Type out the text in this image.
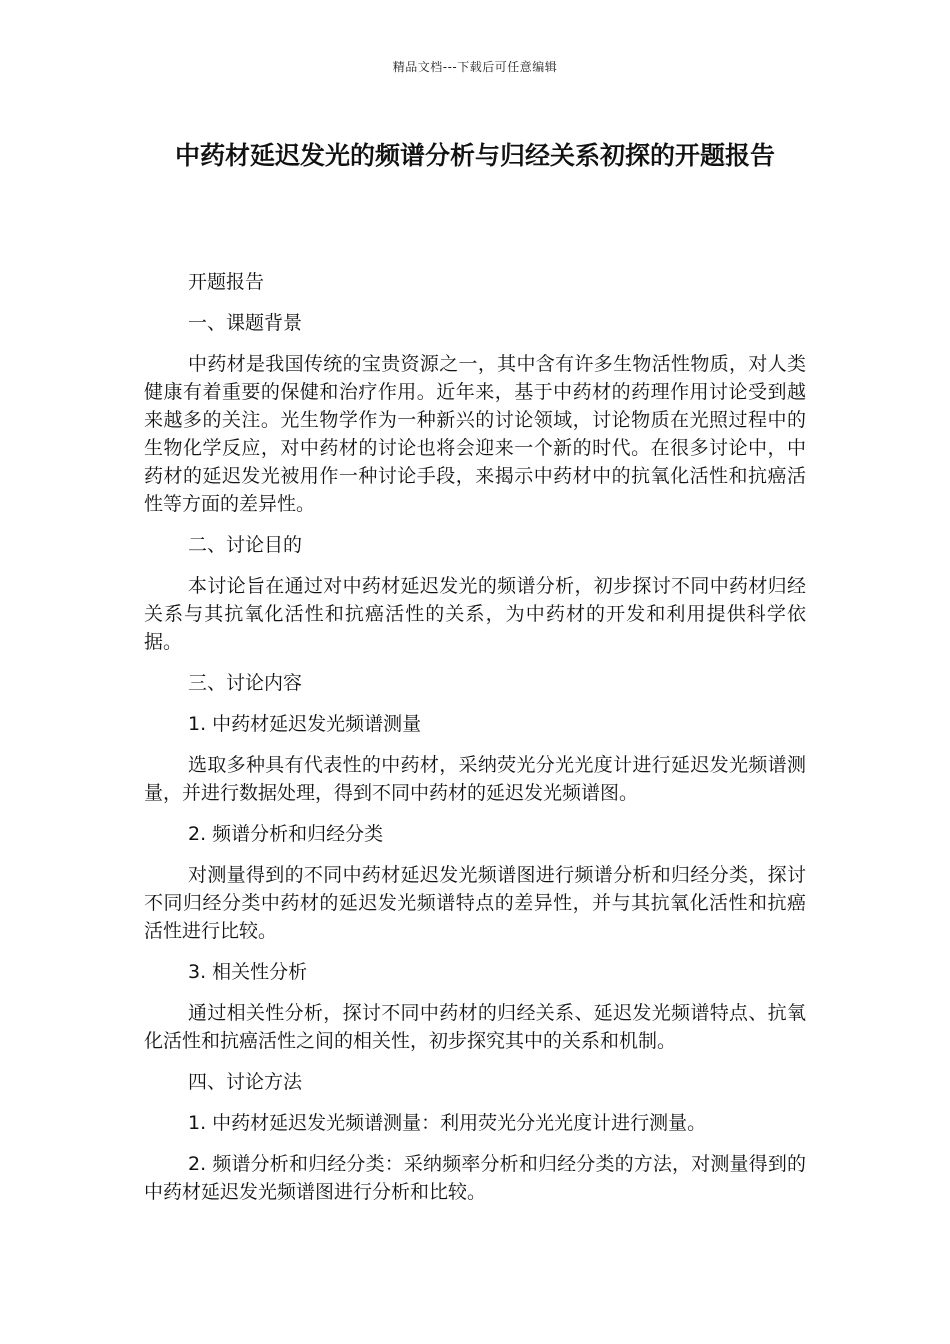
精品文档---下载后可任意编辑
中药材延迟发光的频谱分析与归经关系初探的开题报告

开题报告

一、课题背景

中药材是我国传统的宝贵资源之一，其中含有许多生物活性物质，对人类健康有着重要的保健和治疗作用。近年来，基于中药材的药理作用讨论受到越来越多的关注。光生物学作为一种新兴的讨论领域，讨论物质在光照过程中的生物化学反应，对中药材的讨论也将会迎来一个新的时代。在很多讨论中，中药材的延迟发光被用作一种讨论手段，来揭示中药材中的抗氧化活性和抗癌活性等方面的差异性。

二、讨论目的

本讨论旨在通过对中药材延迟发光的频谱分析，初步探讨不同中药材归经关系与其抗氧化活性和抗癌活性的关系，为中药材的开发和利用提供科学依据。

三、讨论内容

1. 中药材延迟发光频谱测量

选取多种具有代表性的中药材，采纳荧光分光光度计进行延迟发光频谱测量，并进行数据处理，得到不同中药材的延迟发光频谱图。

2. 频谱分析和归经分类

对测量得到的不同中药材延迟发光频谱图进行频谱分析和归经分类，探讨不同归经分类中药材的延迟发光频谱特点的差异性，并与其抗氧化活性和抗癌活性进行比较。

3. 相关性分析

通过相关性分析，探讨不同中药材的归经关系、延迟发光频谱特点、抗氧化活性和抗癌活性之间的相关性，初步探究其中的关系和机制。

四、讨论方法

1. 中药材延迟发光频谱测量：利用荧光分光光度计进行测量。

2. 频谱分析和归经分类：采纳频率分析和归经分类的方法，对测量得到的中药材延迟发光频谱图进行分析和比较。
